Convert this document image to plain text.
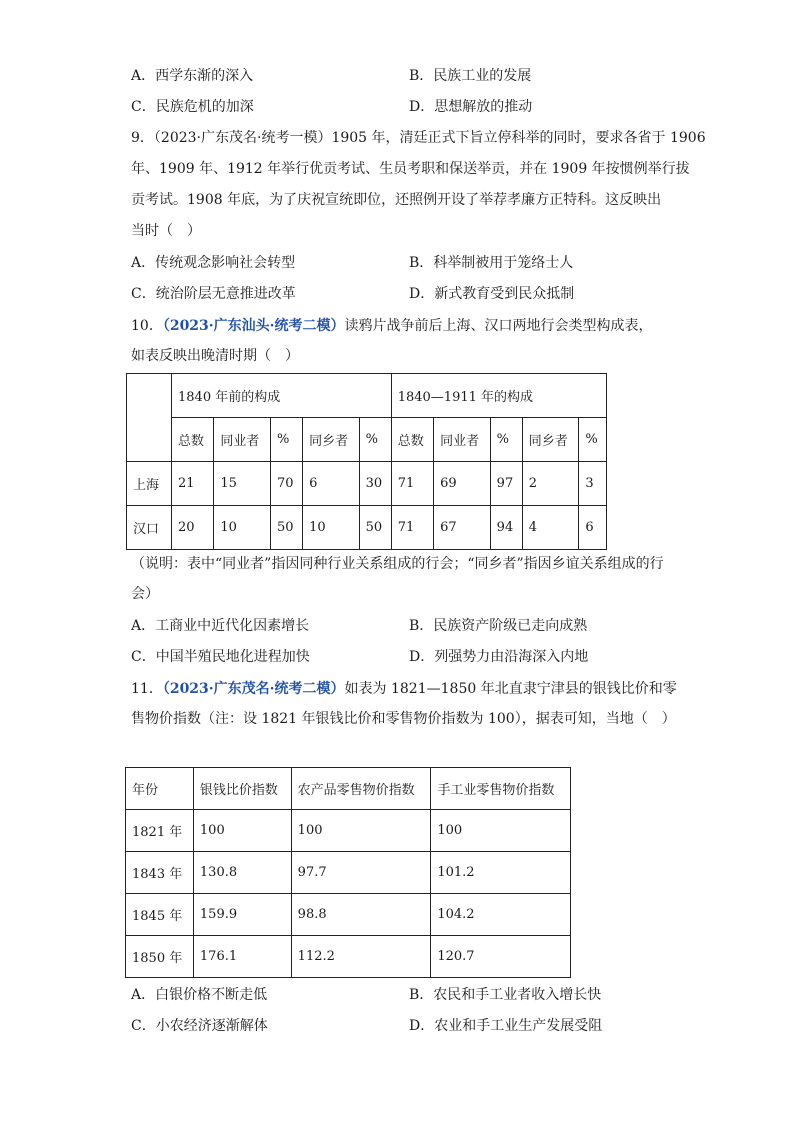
A．西学东渐的深入	B．民族工业的发展
C．民族危机的加深	D．思想解放的推动
9．（2023·广东茂名·统考一模）1905 年，清廷正式下旨立停科举的同时，要求各省于 1906
年、1909 年、1912 年举行优贡考试、生员考职和保送举贡，并在 1909 年按惯例举行拔
贡考试。1908 年底，为了庆祝宣统即位，还照例开设了举荐孝廉方正特科。这反映出
当时（　）
A．传统观念影响社会转型	B．科举制被用于笼络士人
C．统治阶层无意推进改革	D．新式教育受到民众抵制
10．（2023·广东汕头·统考二模）读鸦片战争前后上海、汉口两地行会类型构成表，
如表反映出晚清时期（　）
	1840 年前的构成					1840—1911 年的构成				
	总数	同业者	%	同乡者	%	总数	同业者	%	同乡者	%
上海	21	15	70	6	30	71	69	97	2	3
汉口	20	10	50	10	50	71	67	94	4	6
（说明：表中“同业者”指因同种行业关系组成的行会；“同乡者”指因乡谊关系组成的行
会）
A．工商业中近代化因素增长	B．民族资产阶级已走向成熟
C．中国半殖民地化进程加快	D．列强势力由沿海深入内地
11．（2023·广东茂名·统考二模）如表为 1821—1850 年北直隶宁津县的银钱比价和零
售物价指数（注：设 1821 年银钱比价和零售物价指数为 100），据表可知，当地（　）
年份	银钱比价指数	农产品零售物价指数	手工业零售物价指数
1821 年	100	100	100
1843 年	130.8	97.7	101.2
1845 年	159.9	98.8	104.2
1850 年	176.1	112.2	120.7
A．白银价格不断走低	B．农民和手工业者收入增长快
C．小农经济逐渐解体	D．农业和手工业生产发展受阻
